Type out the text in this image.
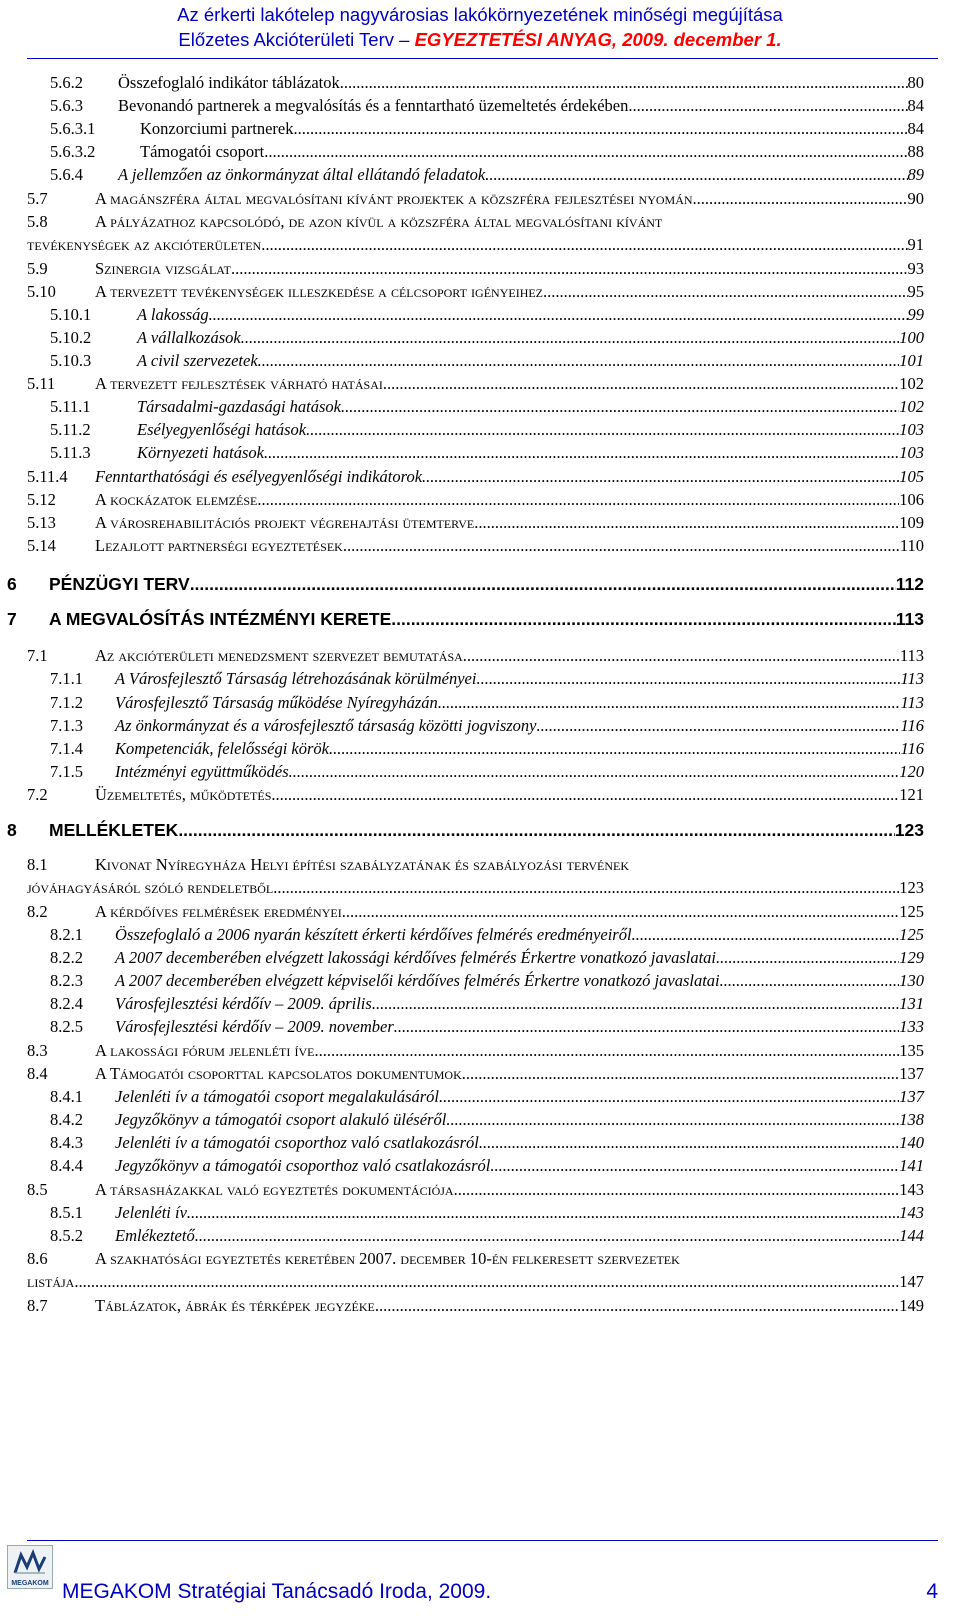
Az érkerti lakótelep nagyvárosias lakókörnyezetének minőségi megújítása
Előzetes Akcióterületi Terv – EGYEZTETÉSI ANYAG, 2009. december 1.
5.6.2	Összefoglaló indikátor táblázatok .....	80
5.6.3	Bevonandó partnerek a megvalósítás és a fenntartható üzemeltetés érdekében .....	84
5.6.3.1	Konzorciumi partnerek .....	84
5.6.3.2	Támogatói csoport .....	88
5.6.4	A jellemzően az önkormányzat által ellátandó feladatok .....	89
5.7	A magánszféra által megvalósítani kívánt projektek a közszféra fejlesztései nyomán .....	90
5.8	A pályázathoz kapcsolódó, de azon kívül a közszféra által megvalósítani kívánt
tevékenységek az akcióterületen .....	91
5.9	Szinergia vizsgálat .....	93
5.10	A tervezett tevékenységek illeszkedése a célcsoport igényeihez .....	95
5.10.1	A lakosság .....	99
5.10.2	A vállalkozások .....	100
5.10.3	A civil szervezetek .....	101
5.11	A tervezett fejlesztések várható hatásai .....	102
5.11.1	Társadalmi-gazdasági hatások .....	102
5.11.2	Esélyegyenlőségi hatások .....	103
5.11.3	Környezeti hatások .....	103
5.11.4	Fenntarthatósági és esélyegyenlőségi indikátorok .....	105
5.12	A kockázatok elemzése .....	106
5.13	A városrehabilitációs projekt végrehajtási ütemterve .....	109
5.14	Lezajlott partnerségi egyeztetések .....	110
6	PÉNZÜGYI TERV .....	112
7	A MEGVALÓSÍTÁS INTÉZMÉNYI KERETE .....	113
7.1	Az akcióterületi menedzsment szervezet bemutatása .....	113
7.1.1	A Városfejlesztő Társaság létrehozásának körülményei .....	113
7.1.2	Városfejlesztő Társaság működése Nyíregyházán .....	113
7.1.3	Az önkormányzat és a városfejlesztő társaság közötti jogviszony .....	116
7.1.4	Kompetenciák, felelősségi körök .....	116
7.1.5	Intézményi együttműködés .....	120
7.2	Üzemeltetés, működtetés .....	121
8	MELLÉKLETEK .....	123
8.1	Kivonat Nyíregyháza Helyi építési szabályzatának és szabályozási tervének
jóváhagyásáról szóló rendeletből .....	123
8.2	A kérdőíves felmérések eredményei .....	125
8.2.1	Összefoglaló a 2006 nyarán készített érkerti kérdőíves felmérés eredményeiről .....	125
8.2.2	A 2007 decemberében elvégzett lakossági kérdőíves felmérés Érkertre vonatkozó javaslatai .....	129
8.2.3	A 2007 decemberében elvégzett képviselői kérdőíves felmérés Érkertre vonatkozó javaslatai .....	130
8.2.4	Városfejlesztési kérdőív – 2009. április .....	131
8.2.5	Városfejlesztési kérdőív – 2009. november .....	133
8.3	A lakossági fórum jelenléti íve .....	135
8.4	A Támogatói csoporttal kapcsolatos dokumentumok .....	137
8.4.1	Jelenléti ív a támogatói csoport megalakulásáról .....	137
8.4.2	Jegyzőkönyv a támogatói csoport alakuló üléséről .....	138
8.4.3	Jelenléti ív a támogatói csoporthoz való csatlakozásról .....	140
8.4.4	Jegyzőkönyv a támogatói csoporthoz való csatlakozásról .....	141
8.5	A társasházakkal való egyeztetés dokumentációja .....	143
8.5.1	Jelenléti ív .....	143
8.5.2	Emlékeztető .....	144
8.6	A szakhatósági egyeztetés keretében 2007. december 10-én felkeresett szervezetek
listája .....	147
8.7	Táblázatok, ábrák és térképek jegyzéke .....	149
MEGAKOM MEGAKOM Stratégiai Tanácsadó Iroda, 2009.	4
